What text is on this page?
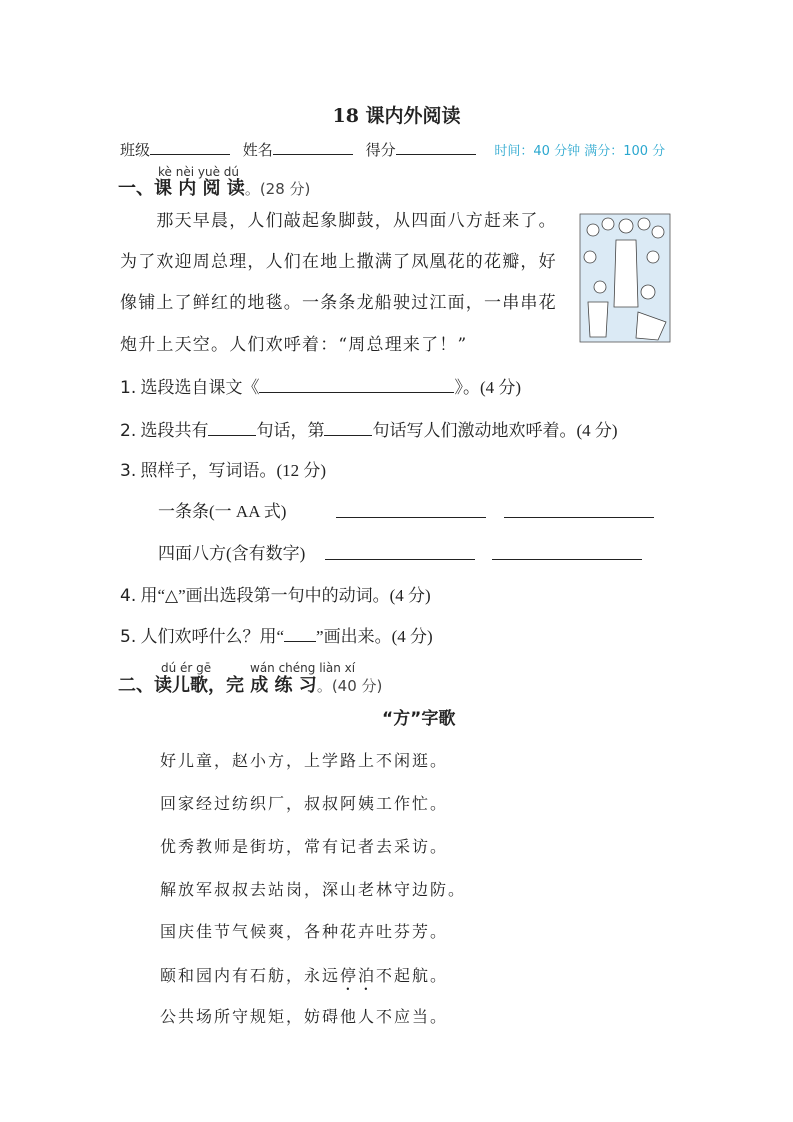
18 课内外阅读
班级	姓名	得分	时间：40 分钟 满分：100 分
kè nèi yuè dú
一、课 内 阅 读。(28 分)
　　那天早晨，人们敲起象脚鼓，从四面八方赶来了。
为了欢迎周总理，人们在地上撒满了凤凰花的花瓣，好
像铺上了鲜红的地毯。一条条龙船驶过江面，一串串花
炮升上天空。人们欢呼着：“周总理来了！”
1. 选段选自课文《	》。(4 分)
2. 选段共有	句话，第	句话写人们激动地欢呼着。(4 分)
3. 照样子，写词语。(12 分)
一条条(一 AA 式)
四面八方(含有数字)
4. 用“△”画出选段第一句中的动词。(4 分)
5. 人们欢呼什么？用“ ”画出来。(4 分)
dú ér gē	wán chéng liàn xí
二、读儿歌，完 成 练 习。(40 分)
“方”字歌
好儿童，赵小方，上学路上不闲逛。
回家经过纺织厂，叔叔阿姨工作忙。
优秀教师是街坊，常有记者去采访。
解放军叔叔去站岗，深山老林守边防。
国庆佳节气候爽，各种花卉吐芬芳。
颐和园内有石舫，永远停泊不起航。
公共场所守规矩，妨碍他人不应当。
